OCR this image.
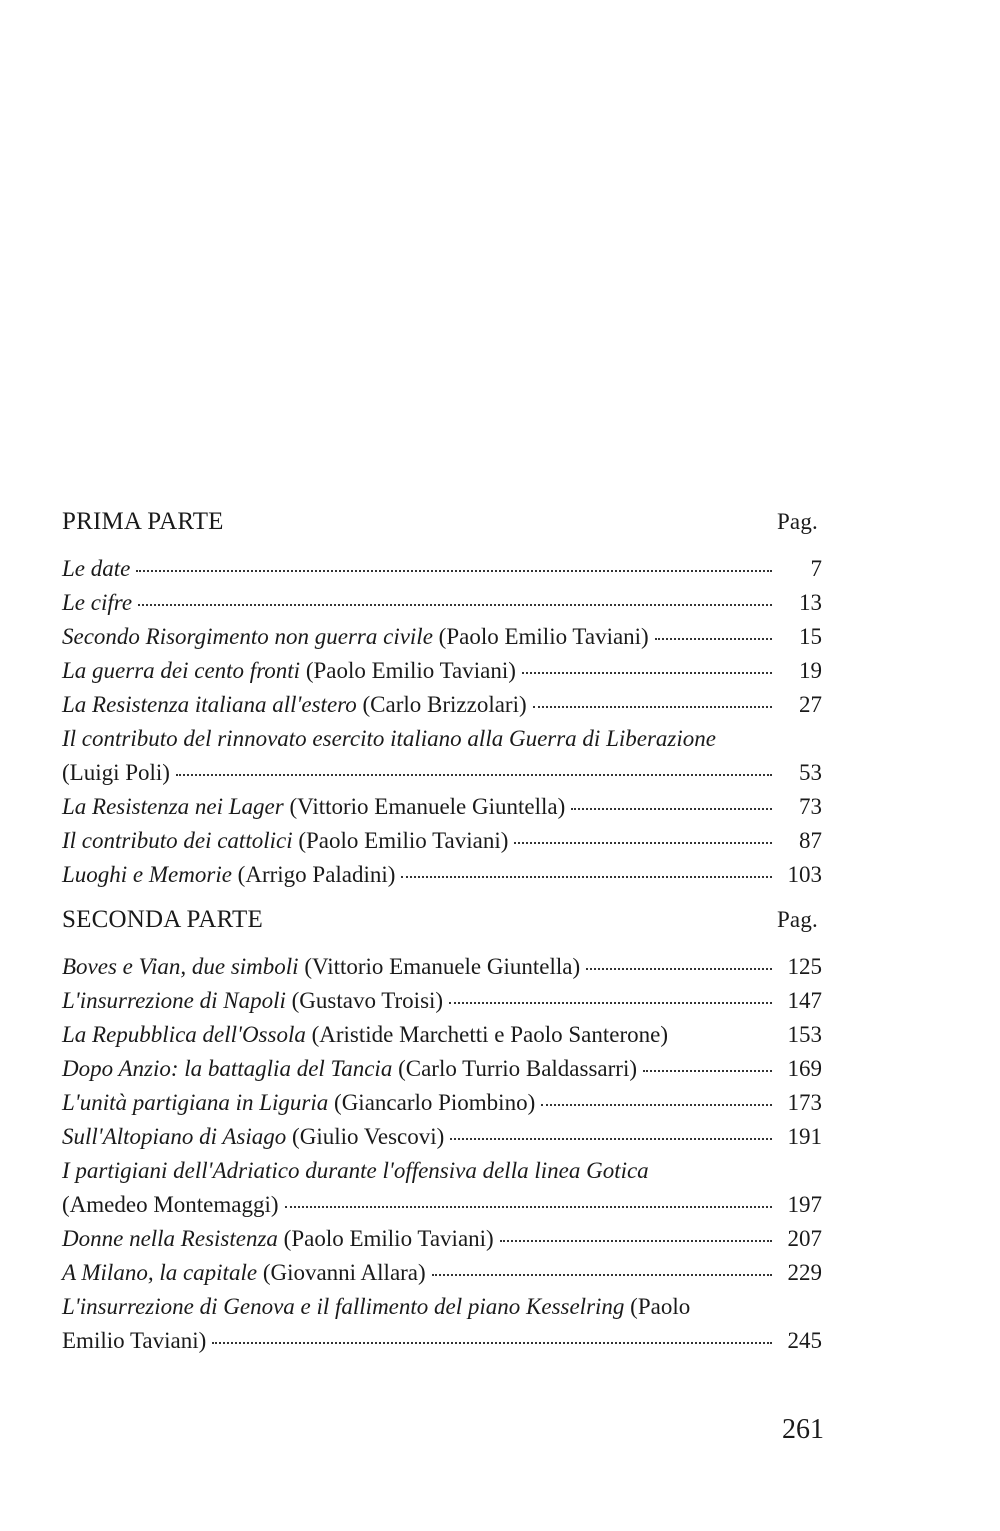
PRIMA PARTE	Pag.
Le date	7
Le cifre	13
Secondo Risorgimento non guerra civile (Paolo Emilio Taviani)	15
La guerra dei cento fronti (Paolo Emilio Taviani)	19
La Resistenza italiana all'estero (Carlo Brizzolari)	27
Il contributo del rinnovato esercito italiano alla Guerra di Liberazione
(Luigi Poli)	53
La Resistenza nei Lager (Vittorio Emanuele Giuntella)	73
Il contributo dei cattolici (Paolo Emilio Taviani)	87
Luoghi e Memorie (Arrigo Paladini)	103
SECONDA PARTE	Pag.
Boves e Vian, due simboli (Vittorio Emanuele Giuntella)	125
L'insurrezione di Napoli (Gustavo Troisi)	147
La Repubblica dell'Ossola (Aristide Marchetti e Paolo Santerone)	153
Dopo Anzio: la battaglia del Tancia (Carlo Turrio Baldassarri)	169
L'unità partigiana in Liguria (Giancarlo Piombino)	173
Sull'Altopiano di Asiago (Giulio Vescovi)	191
I partigiani dell'Adriatico durante l'offensiva della linea Gotica
(Amedeo Montemaggi)	197
Donne nella Resistenza (Paolo Emilio Taviani)	207
A Milano, la capitale (Giovanni Allara)	229
L'insurrezione di Genova e il fallimento del piano Kesselring (Paolo
Emilio Taviani)	245
261
